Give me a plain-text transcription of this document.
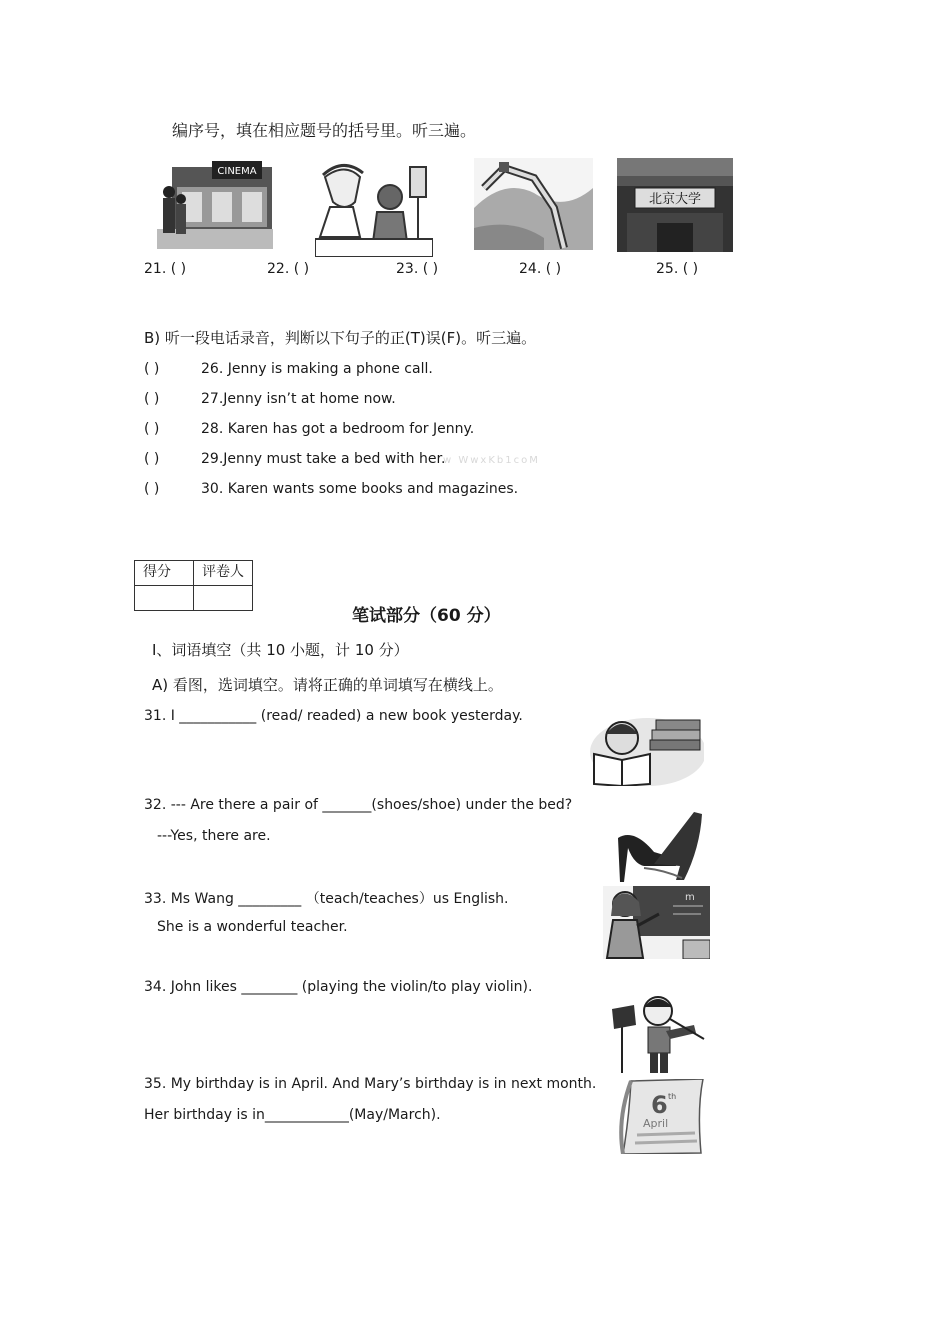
编序号，填在相应题号的括号里。听三遍。
CINEMA
北京大学
21. ( )	22. ( )	23. ( )	24. ( )	25. ( )
B) 听一段电话录音，判断以下句子的正(T)误(F)。听三遍。
( )	26. Jenny is making a phone call.
( )	27.Jenny isn’t at home now.
( )	28. Karen has got a bedroom for Jenny.
( )	29.Jenny must take a bed with her.
w WwxKb1coM
( )	30. Karen wants some books and magazines.
得分	评卷人

笔试部分（60 分）
I、词语填空（共 10 小题，计 10 分）
A) 看图，选词填空。请将正确的单词填写在横线上。
31. I ___________ (read/ readed) a new book yesterday.
32. --- Are there a pair of _______(shoes/shoe) under the bed?
---Yes, there are.
33. Ms Wang _________ （teach/teaches）us English.
She is a wonderful teacher.
m
34. John likes ________ (playing the violin/to play violin).
35. My birthday is in April. And Mary’s birthday is in next month.
Her birthday is in____________(May/March).	6 th
April
